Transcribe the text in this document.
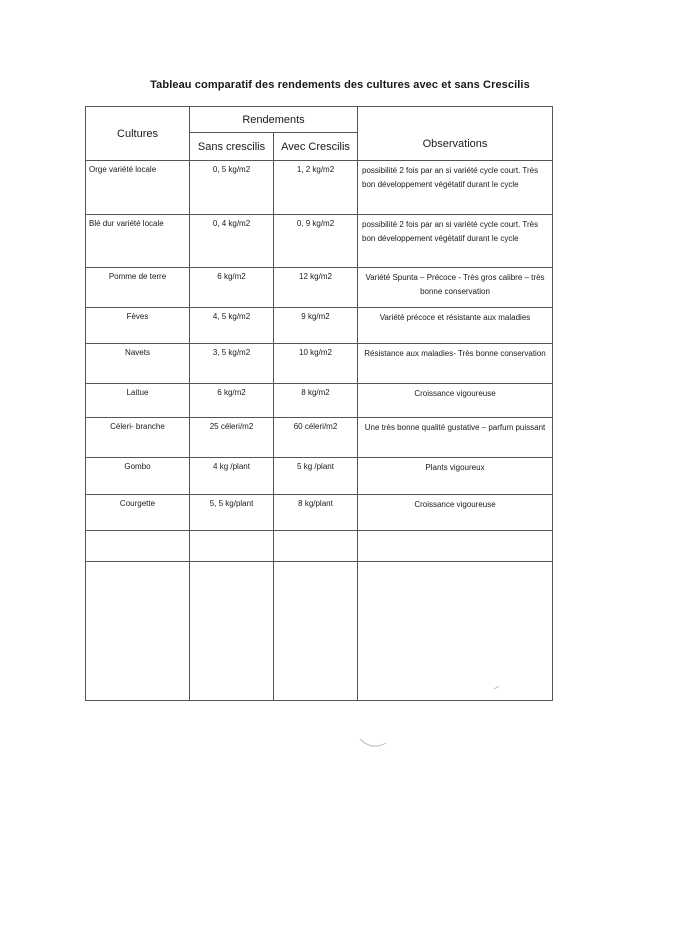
Tableau comparatif des rendements des cultures avec et sans Crescilis
Cultures	Rendements		Observations
	Sans crescilis	Avec Crescilis	
Orge variété locale	0, 5 kg/m2	1, 2 kg/m2	possibilité 2 fois par an si variété cycle court. Très bon développement végétatif durant le cycle
Blé dur variété locale	0, 4 kg/m2	0, 9 kg/m2	possibilité 2 fois par an si variété cycle court. Très bon développement végétatif durant le cycle
Pomme de terre	6 kg/m2	12 kg/m2	Variété Spunta – Précoce - Très gros calibre – très bonne conservation
Fèves	4, 5 kg/m2	9 kg/m2	Variété précoce et résistante aux maladies
Navets	3, 5 kg/m2	10 kg/m2	Résistance aux maladies- Très bonne conservation
Laitue	6 kg/m2	8 kg/m2	Croissance vigoureuse
Céleri- branche	25 céleri/m2	60 céleri/m2	Une très bonne qualité gustative – parfum puissant
Gombo	4 kg /plant	5 kg /plant	Plants vigoureux
Courgette	5, 5 kg/plant	8 kg/plant	Croissance vigoureuse
